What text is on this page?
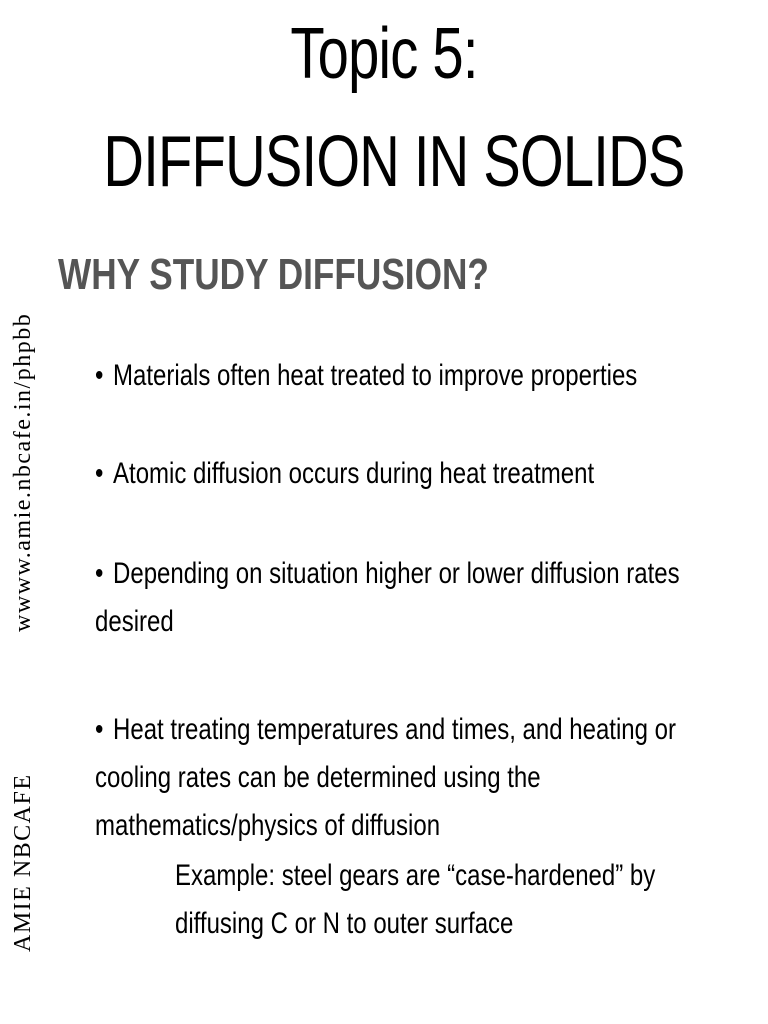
Topic 5:
DIFFUSION IN SOLIDS
WHY STUDY DIFFUSION?
• Materials often heat treated to improve properties
• Atomic diffusion occurs during heat treatment
• Depending on situation higher or lower diffusion rates desired
• Heat treating temperatures and times, and heating or cooling rates can be determined using the mathematics/physics of diffusion
Example: steel gears are “case-hardened” by
diffusing C or N to outer surface
wwww.amie.nbcafe.in/phpbb
AMIE NBCAFE
